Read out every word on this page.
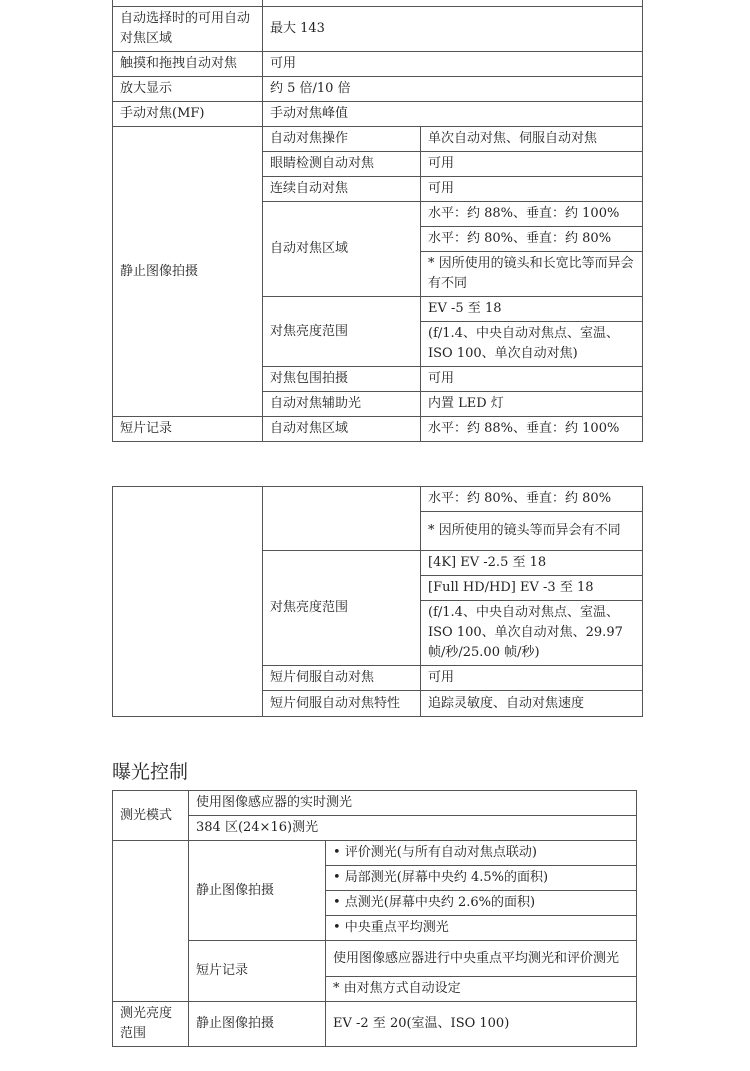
自动选择时的可用自动对焦区域	最大 143	
触摸和拖拽自动对焦	可用	
放大显示	约 5 倍/10 倍	
手动对焦(MF)	手动对焦峰值	
静止图像拍摄	自动对焦操作	单次自动对焦、伺服自动对焦
	眼睛检测自动对焦	可用
	连续自动对焦	可用
	自动对焦区域	水平：约 88%、垂直：约 100%
		水平：约 80%、垂直：约 80%
		* 因所使用的镜头和长宽比等而异会有不同
	对焦亮度范围	EV -5 至 18
		(f/1.4、中央自动对焦点、室温、ISO 100、单次自动对焦)
	对焦包围拍摄	可用
	自动对焦辅助光	内置 LED 灯
短片记录	自动对焦区域	水平：约 88%、垂直：约 100%
		水平：约 80%、垂直：约 80%
		* 因所使用的镜头等而异会有不同
	对焦亮度范围	[4K] EV -2.5 至 18
		[Full HD/HD] EV -3 至 18
		(f/1.4、中央自动对焦点、室温、ISO 100、单次自动对焦、29.97 帧/秒/25.00 帧/秒)
	短片伺服自动对焦	可用
	短片伺服自动对焦特性	追踪灵敏度、自动对焦速度
曝光控制
测光模式	使用图像感应器的实时测光	
	384 区(24×16)测光	
	静止图像拍摄	• 评价测光(与所有自动对焦点联动)
		• 局部测光(屏幕中央约 4.5%的面积)
		• 点测光(屏幕中央约 2.6%的面积)
		• 中央重点平均测光
	短片记录	使用图像感应器进行中央重点平均测光和评价测光
		* 由对焦方式自动设定
测光亮度范围	静止图像拍摄	EV -2 至 20(室温、ISO 100)
